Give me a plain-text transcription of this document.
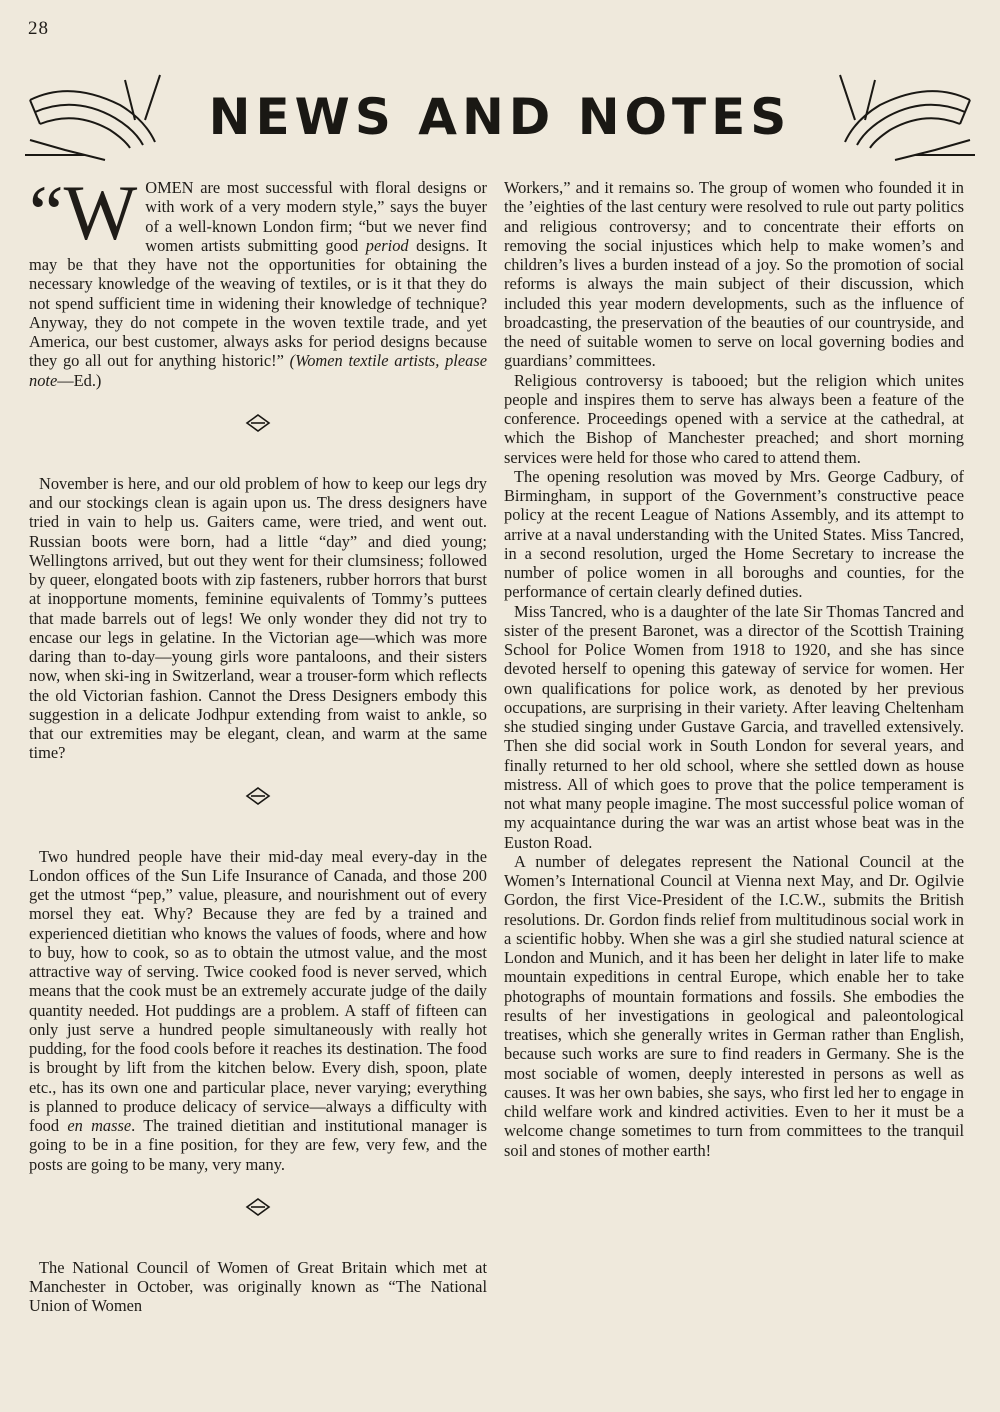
28
NEWS AND NOTES

“W OMEN are most successful with floral designs or with work of a very modern style,” says the buyer of a well-known London firm; “but we never find women artists submitting good period designs. It may be that they have not the opportunities for obtaining the necessary knowledge of the weaving of textiles, or is it that they do not spend sufficient time in widening their knowledge of technique? Anyway, they do not compete in the woven textile trade, and yet America, our best customer, always asks for period designs because they go all out for anything historic!” (Women textile artists, please note—Ed.)

November is here, and our old problem of how to keep our legs dry and our stockings clean is again upon us. The dress designers have tried in vain to help us. Gaiters came, were tried, and went out. Russian boots were born, had a little “day” and died young; Wellingtons arrived, but out they went for their clumsiness; followed by queer, elongated boots with zip fasteners, rubber horrors that burst at inopportune moments, feminine equivalents of Tommy’s puttees that made barrels out of legs! We only wonder they did not try to encase our legs in gelatine. In the Victorian age—which was more daring than to-day—young girls wore pantaloons, and their sisters now, when ski-ing in Switzerland, wear a trouser-form which reflects the old Victorian fashion. Cannot the Dress Designers embody this suggestion in a delicate Jodhpur extending from waist to ankle, so that our extremities may be elegant, clean, and warm at the same time?

Two hundred people have their mid-day meal every-day in the London offices of the Sun Life Insurance of Canada, and those 200 get the utmost “pep,” value, pleasure, and nourishment out of every morsel they eat. Why? Because they are fed by a trained and experienced dietitian who knows the values of foods, where and how to buy, how to cook, so as to obtain the utmost value, and the most attractive way of serving. Twice cooked food is never served, which means that the cook must be an extremely accurate judge of the daily quantity needed. Hot puddings are a problem. A staff of fifteen can only just serve a hundred people simultaneously with really hot pudding, for the food cools before it reaches its destination. The food is brought by lift from the kitchen below. Every dish, spoon, plate etc., has its own one and particular place, never varying; everything is planned to produce delicacy of service—always a difficulty with food en masse. The trained dietitian and institutional manager is going to be in a fine position, for they are few, very few, and the posts are going to be many, very many.

The National Council of Women of Great Britain which met at Manchester in October, was originally known as “The National Union of Women

Workers,” and it remains so. The group of women who founded it in the ’eighties of the last century were resolved to rule out party politics and religious controversy; and to concentrate their efforts on removing the social injustices which help to make women’s and children’s lives a burden instead of a joy. So the promotion of social reforms is always the main subject of their discussion, which included this year modern developments, such as the influence of broadcasting, the preservation of the beauties of our countryside, and the need of suitable women to serve on local governing bodies and guardians’ committees.

Religious controversy is tabooed; but the religion which unites people and inspires them to serve has always been a feature of the conference. Proceedings opened with a service at the cathedral, at which the Bishop of Manchester preached; and short morning services were held for those who cared to attend them.

The opening resolution was moved by Mrs. George Cadbury, of Birmingham, in support of the Government’s constructive peace policy at the recent League of Nations Assembly, and its attempt to arrive at a naval understanding with the United States. Miss Tancred, in a second resolution, urged the Home Secretary to increase the number of police women in all boroughs and counties, for the performance of certain clearly defined duties.

Miss Tancred, who is a daughter of the late Sir Thomas Tancred and sister of the present Baronet, was a director of the Scottish Training School for Police Women from 1918 to 1920, and she has since devoted herself to opening this gateway of service for women. Her own qualifications for police work, as denoted by her previous occupations, are surprising in their variety. After leaving Cheltenham she studied singing under Gustave Garcia, and travelled extensively. Then she did social work in South London for several years, and finally returned to her old school, where she settled down as house mistress. All of which goes to prove that the police temperament is not what many people imagine. The most successful police woman of my acquaintance during the war was an artist whose beat was in the Euston Road.

A number of delegates represent the National Council at the Women’s International Council at Vienna next May, and Dr. Ogilvie Gordon, the first Vice-President of the I.C.W., submits the British resolutions. Dr. Gordon finds relief from multitudinous social work in a scientific hobby. When she was a girl she studied natural science at London and Munich, and it has been her delight in later life to make mountain expeditions in central Europe, which enable her to take photographs of mountain formations and fossils. She embodies the results of her investigations in geological and paleontological treatises, which she generally writes in German rather than English, because such works are sure to find readers in Germany. She is the most sociable of women, deeply interested in persons as well as causes. It was her own babies, she says, who first led her to engage in child welfare work and kindred activities. Even to her it must be a welcome change sometimes to turn from committees to the tranquil soil and stones of mother earth!
